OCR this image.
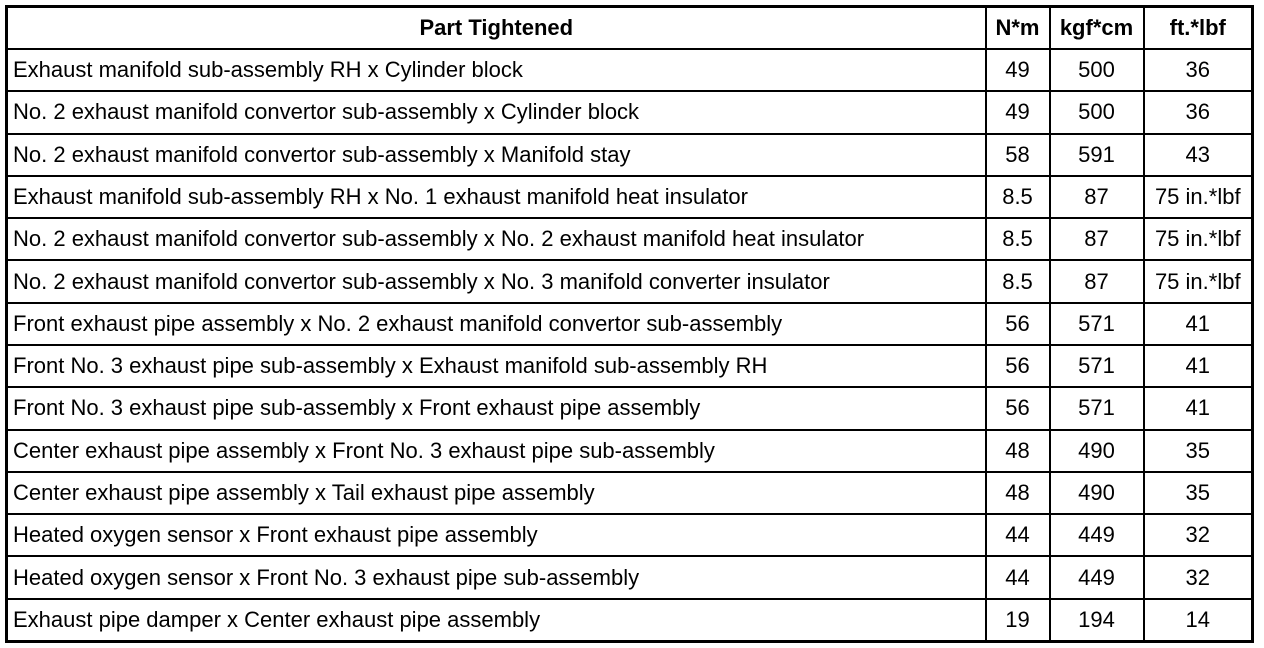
Part Tightened	N*m	kgf*cm	ft.*lbf
Exhaust manifold sub-assembly RH x Cylinder block	49	500	36
No. 2 exhaust manifold convertor sub-assembly x Cylinder block	49	500	36
No. 2 exhaust manifold convertor sub-assembly x Manifold stay	58	591	43
Exhaust manifold sub-assembly RH x No. 1 exhaust manifold heat insulator	8.5	87	75 in.*lbf
No. 2 exhaust manifold convertor sub-assembly x No. 2 exhaust manifold heat insulator	8.5	87	75 in.*lbf
No. 2 exhaust manifold convertor sub-assembly x No. 3 manifold converter insulator	8.5	87	75 in.*lbf
Front exhaust pipe assembly x No. 2 exhaust manifold convertor sub-assembly	56	571	41
Front No. 3 exhaust pipe sub-assembly x Exhaust manifold sub-assembly RH	56	571	41
Front No. 3 exhaust pipe sub-assembly x Front exhaust pipe assembly	56	571	41
Center exhaust pipe assembly x Front No. 3 exhaust pipe sub-assembly	48	490	35
Center exhaust pipe assembly x Tail exhaust pipe assembly	48	490	35
Heated oxygen sensor x Front exhaust pipe assembly	44	449	32
Heated oxygen sensor x Front No. 3 exhaust pipe sub-assembly	44	449	32
Exhaust pipe damper x Center exhaust pipe assembly	19	194	14
